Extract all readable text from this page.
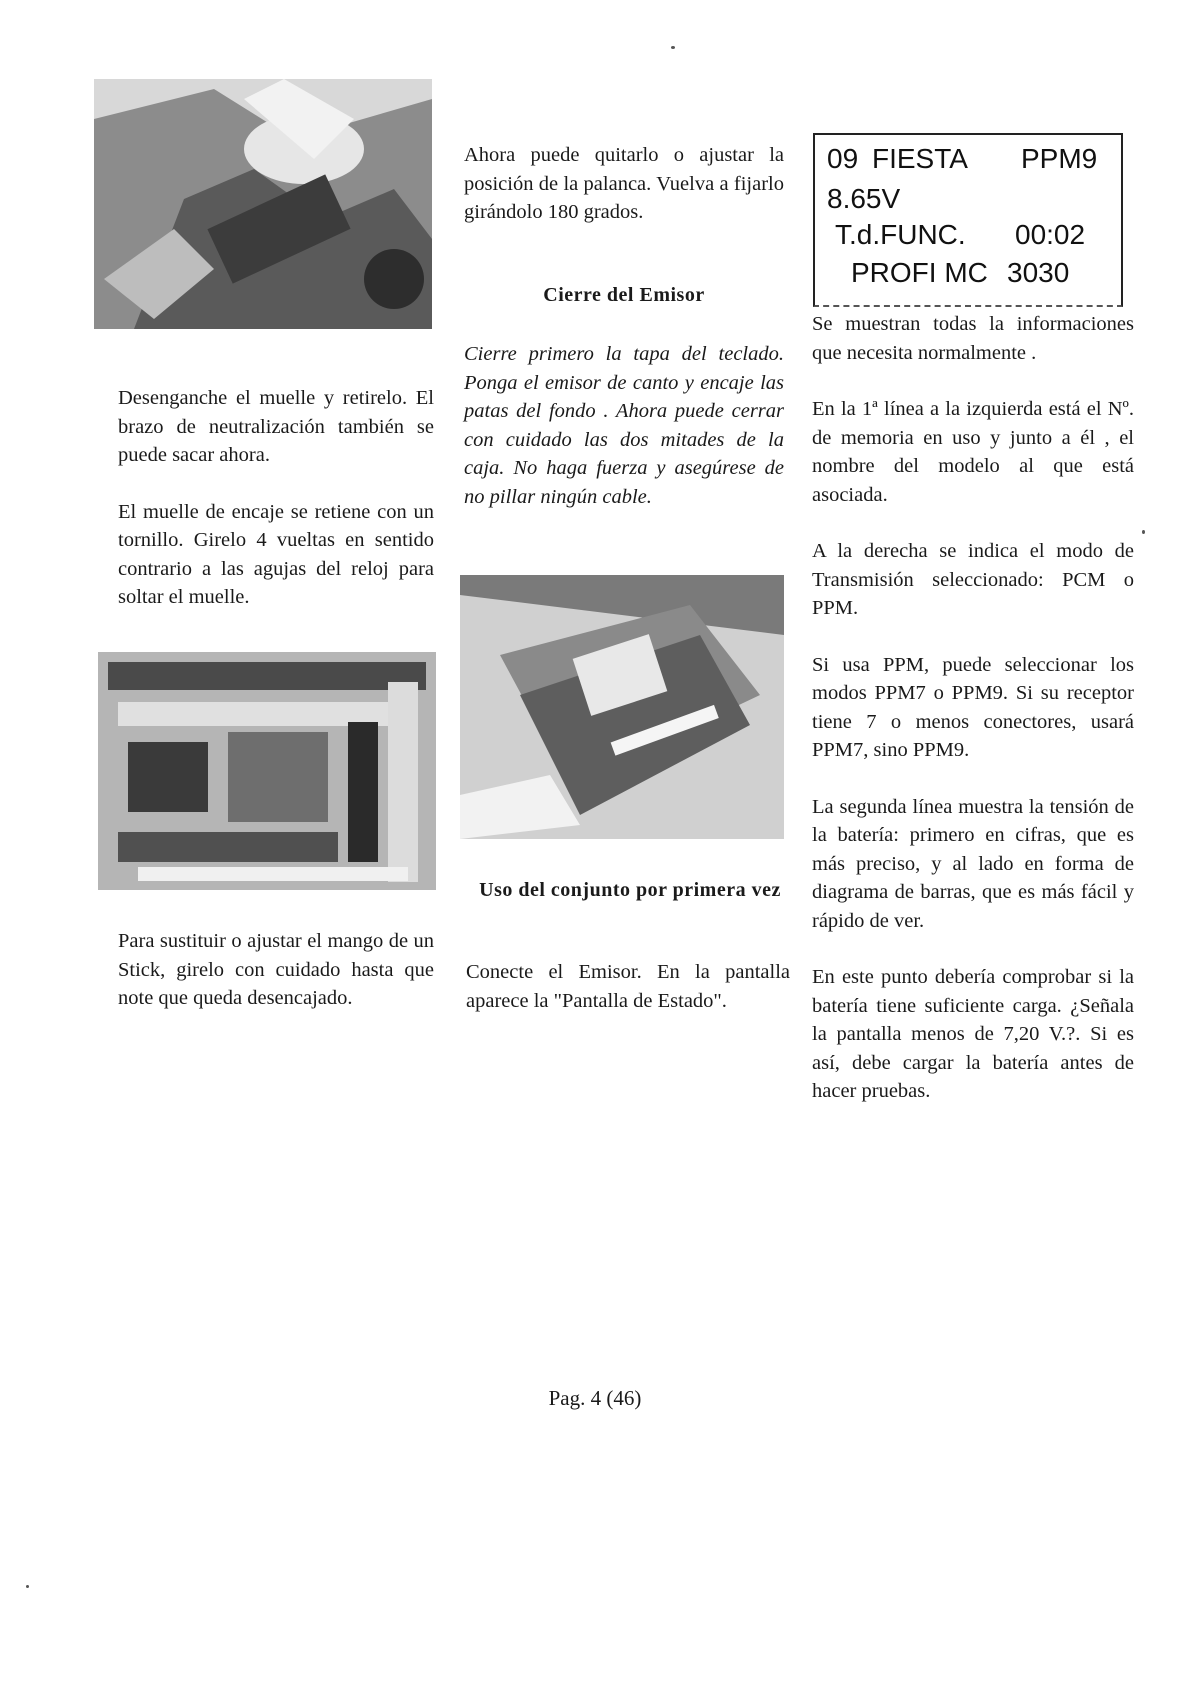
Desenganche el muelle y retirelo. El brazo de neutralización también se puede sacar ahora.

El muelle de encaje se retiene con un tornillo. Girelo 4 vueltas en sentido contrario a las agujas del reloj para soltar el muelle.

Para sustituir o ajustar el mango de un Stick, girelo con cuidado hasta que note que queda desencajado.

Ahora puede quitarlo o ajustar la posición de la palanca. Vuelva a fijarlo girándolo 180 grados.

Cierre del Emisor

Cierre primero la tapa del teclado. Ponga el emisor de canto y encaje las patas del fondo . Ahora puede cerrar con cuidado las dos mitades de la caja. No haga fuerza y asegúrese de no pillar ningún cable.

Uso del conjunto por primera vez

Conecte el Emisor. En la pantalla aparece la "Pantalla de Estado".

09 FIESTA PPM9
8.65V
T.d.FUNC. 00:02
PROFI MC 3030

Se muestran todas la informaciones que necesita normalmente .

En la 1ª línea a la izquierda está el Nº. de memoria en uso y junto a él , el nombre del modelo al que está asociada.

A la derecha se indica el modo de Transmisión seleccionado: PCM o PPM.

Si usa PPM, puede seleccionar los modos PPM7 o PPM9. Si su receptor tiene 7 o menos conectores, usará PPM7, sino PPM9.

La segunda línea muestra la tensión de la batería: primero en cifras, que es más preciso, y al lado en forma de diagrama de barras, que es más fácil y rápido de ver.

En este punto debería comprobar si la batería tiene suficiente carga. ¿Señala la pantalla menos de 7,20 V.?. Si es así, debe cargar la batería antes de hacer pruebas.

Pag. 4 (46)
